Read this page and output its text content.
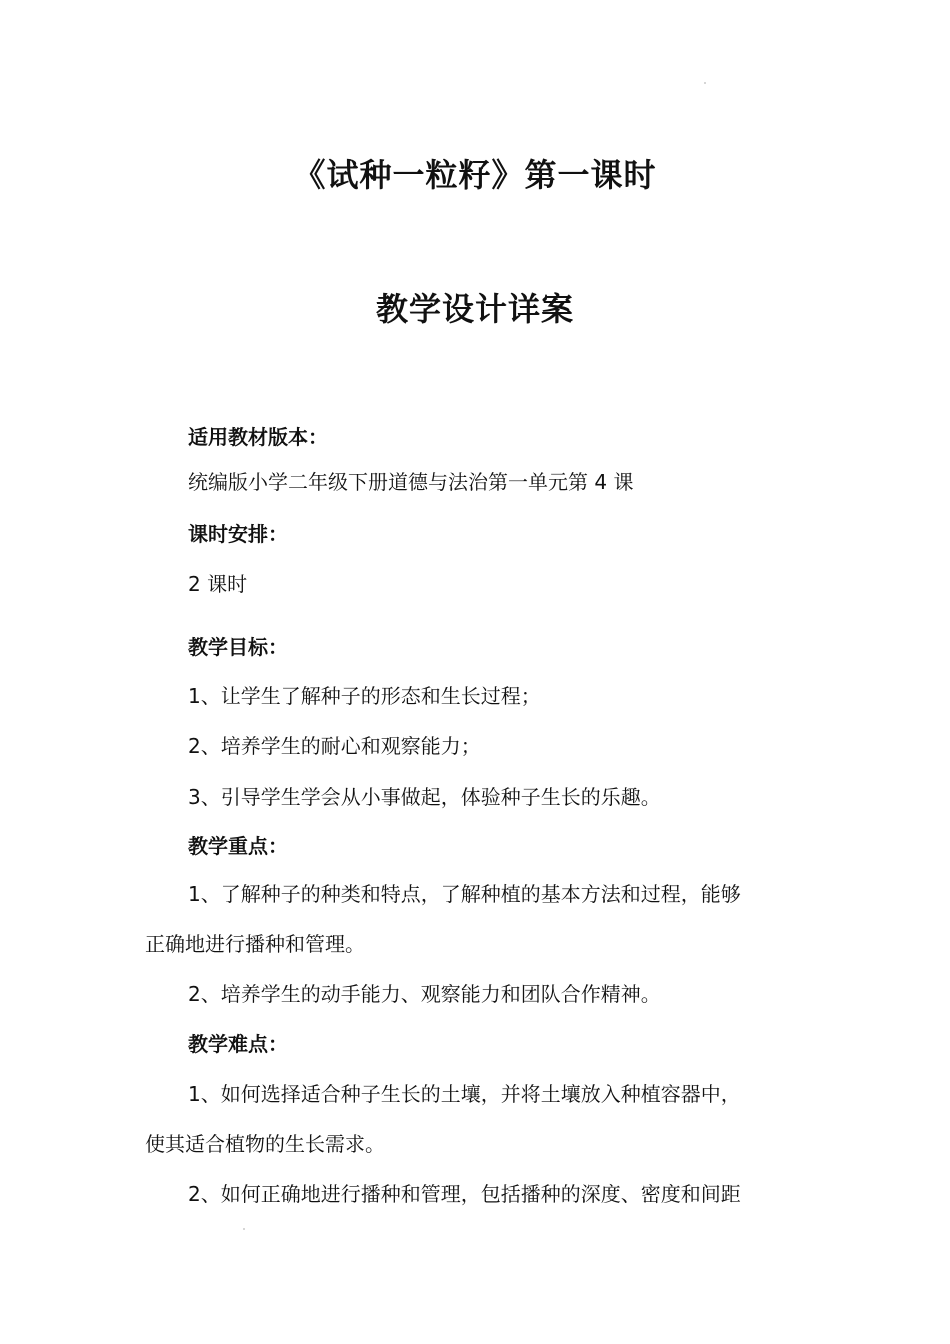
《试种一粒籽》第一课时
教学设计详案
适用教材版本：
统编版小学二年级下册道德与法治第一单元第 4 课
课时安排：
2 课时
教学目标：
1、让学生了解种子的形态和生长过程；
2、培养学生的耐心和观察能力；
3、引导学生学会从小事做起，体验种子生长的乐趣。
教学重点：
1、了解种子的种类和特点，了解种植的基本方法和过程，能够
正确地进行播种和管理。
2、培养学生的动手能力、观察能力和团队合作精神。
教学难点：
1、如何选择适合种子生长的土壤，并将土壤放入种植容器中，
使其适合植物的生长需求。
2、如何正确地进行播种和管理，包括播种的深度、密度和间距
